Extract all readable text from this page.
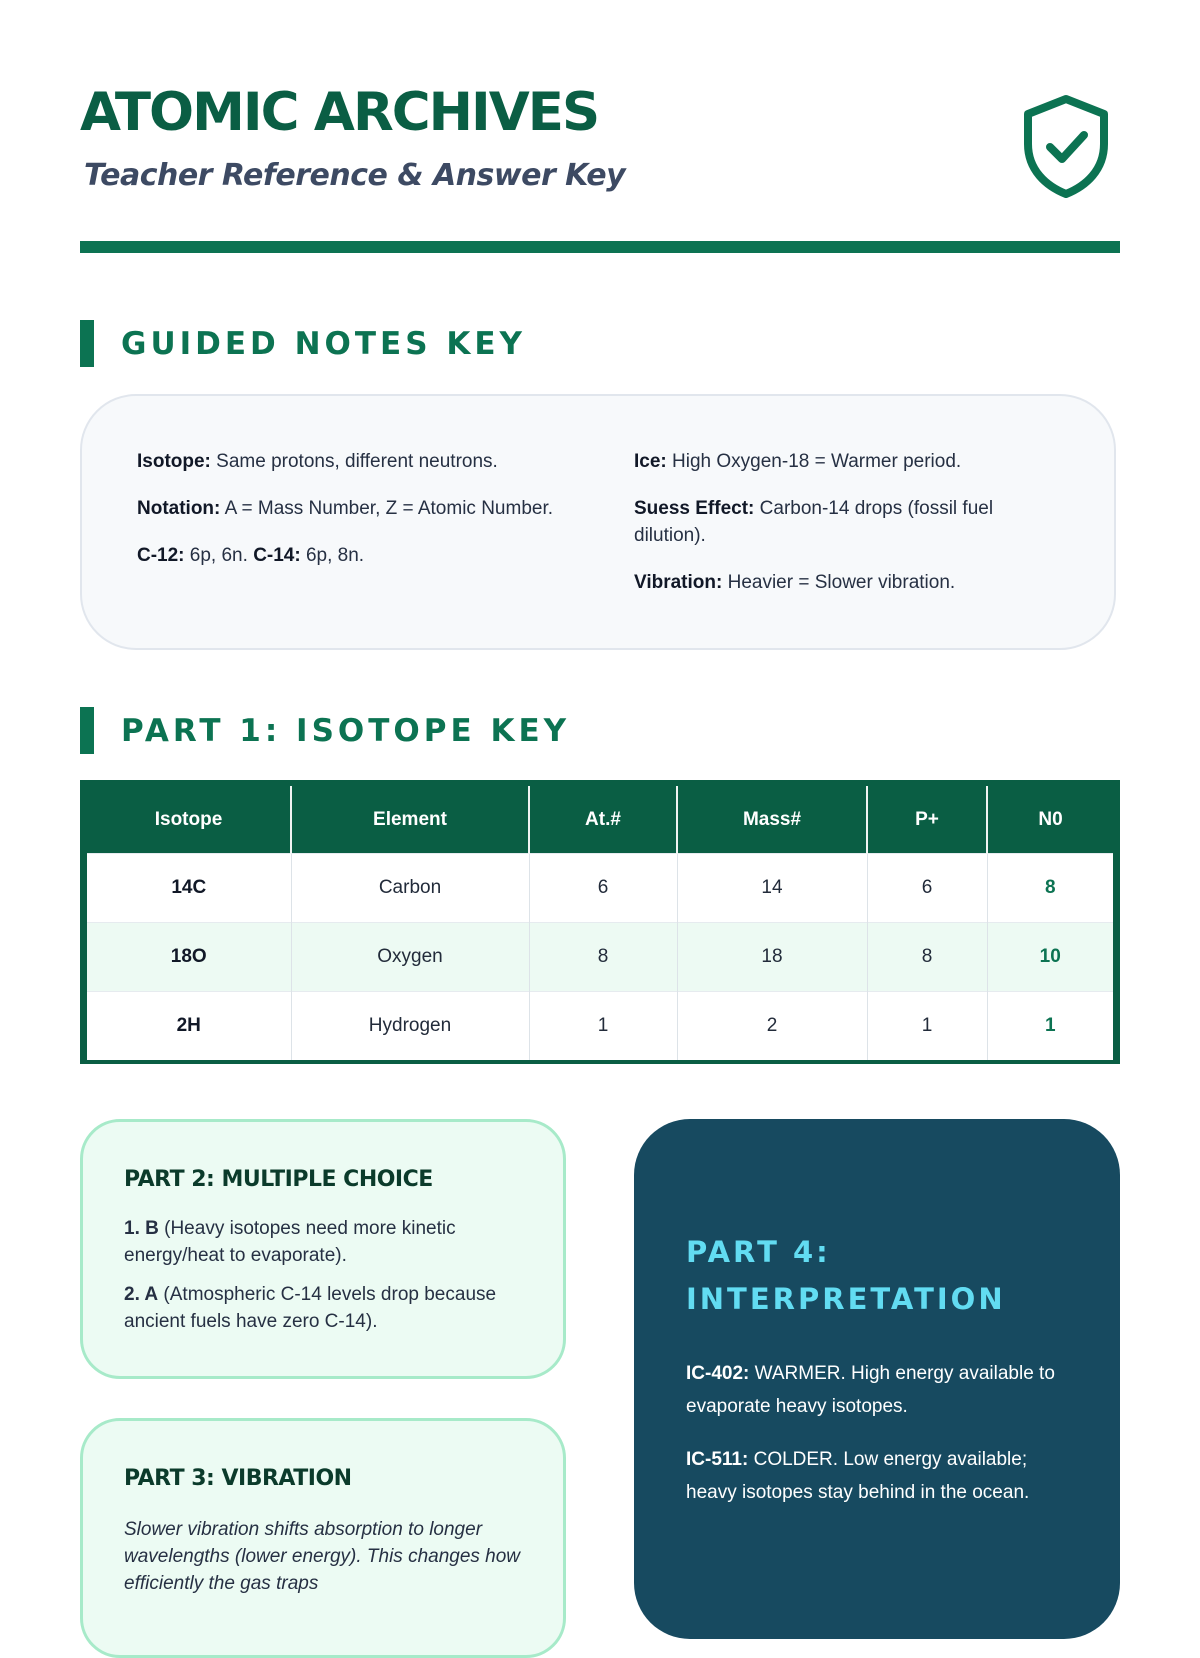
ATOMIC ARCHIVES
Teacher Reference & Answer Key
GUIDED NOTES KEY

Isotope: Same protons, different neutrons.

Notation: A = Mass Number, Z = Atomic Number.

C-12: 6p, 6n. C-14: 6p, 8n.

Ice: High Oxygen-18 = Warmer period.

Suess Effect: Carbon-14 drops (fossil fuel dilution).

Vibration: Heavier = Slower vibration.

PART 1: ISOTOPE KEY
Isotope	Element	At.#	Mass#	P+	N0
14C	Carbon	6	14	6	8
18O	Oxygen	8	18	8	10
2H	Hydrogen	1	2	1	1
PART 2: MULTIPLE CHOICE

1. B (Heavy isotopes need more kinetic energy/heat to evaporate).

2. A (Atmospheric C-14 levels drop because ancient fuels have zero C-14).

PART 3: VIBRATION

Slower vibration shifts absorption to longer wavelengths (lower energy). This changes how efficiently the gas traps

PART 4: INTERPRETATION

IC-402: WARMER. High energy available to evaporate heavy isotopes.

IC-511: COLDER. Low energy available; heavy isotopes stay behind in the ocean.
